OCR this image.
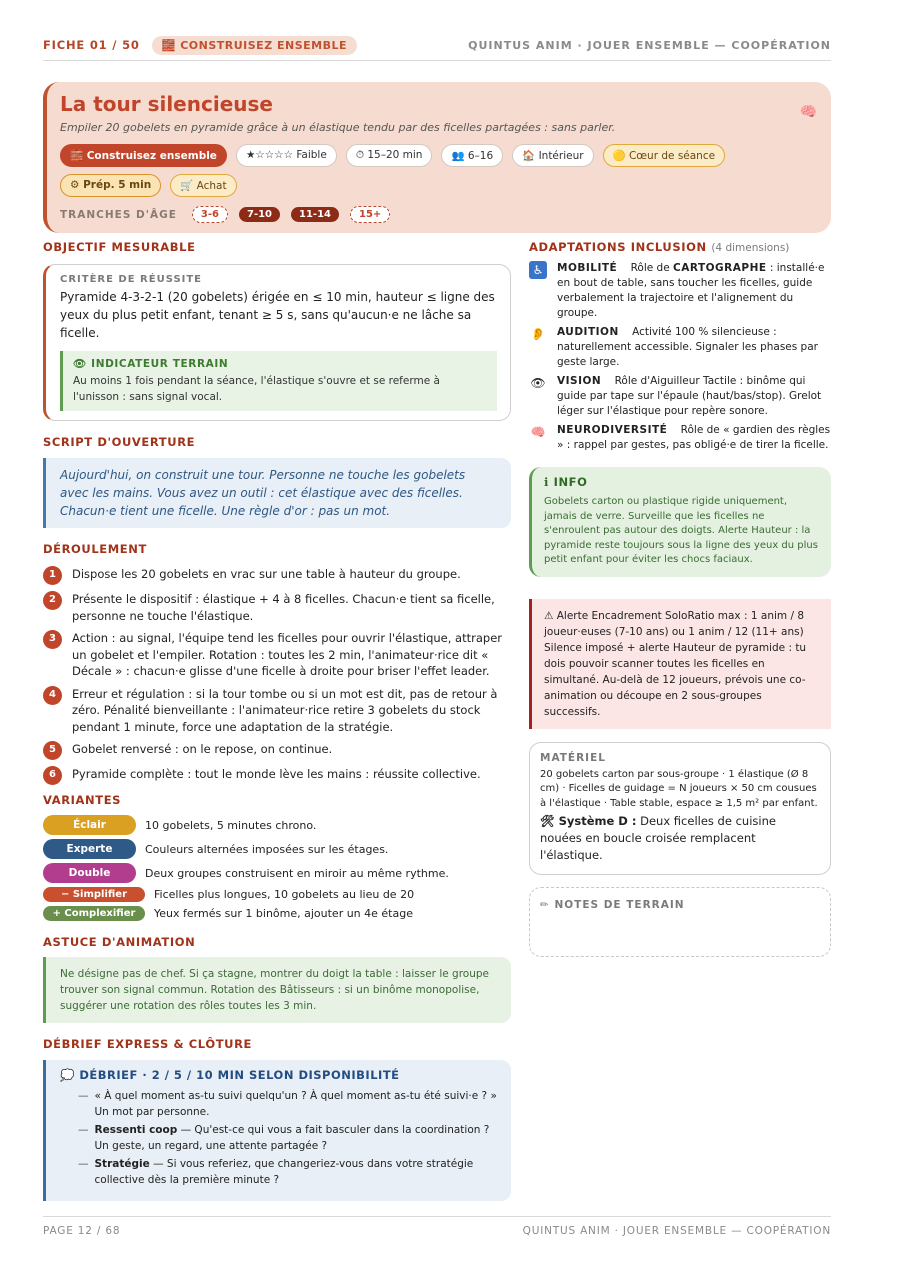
FICHE 01 / 50	🧱 CONSTRUISEZ ENSEMBLE	QUINTUS ANIM · JOUER ENSEMBLE — COOPÉRATION
La tour silencieuse
Empiler 20 gobelets en pyramide grâce à un élastique tendu par des ficelles partagées : sans parler.
🧠
🧱 Construisez ensemble	★☆☆☆☆ Faible	⏱ 15–20 min	👥 6–16	🏠 Intérieur	🟡 Cœur de séance
⚙ Prép. 5 min	🛒 Achat
TRANCHES D'ÂGE	3-6	7-10	11-14	15+
OBJECTIF MESURABLE
CRITÈRE DE RÉUSSITE
Pyramide 4-3-2-1 (20 gobelets) érigée en ≤ 10 min, hauteur ≤ ligne des yeux du plus petit enfant, tenant ≥ 5 s, sans qu'aucun·e ne lâche sa ficelle.
👁 INDICATEUR TERRAIN
Au moins 1 fois pendant la séance, l'élastique s'ouvre et se referme à l'unisson : sans signal vocal.
SCRIPT D'OUVERTURE
Aujourd'hui, on construit une tour. Personne ne touche les gobelets avec les mains. Vous avez un outil : cet élastique avec des ficelles. Chacun·e tient une ficelle. Une règle d'or : pas un mot.
DÉROULEMENT
1	Dispose les 20 gobelets en vrac sur une table à hauteur du groupe.
2	Présente le dispositif : élastique + 4 à 8 ficelles. Chacun·e tient sa ficelle, personne ne touche l'élastique.
3	Action : au signal, l'équipe tend les ficelles pour ouvrir l'élastique, attraper un gobelet et l'empiler. Rotation : toutes les 2 min, l'animateur·rice dit « Décale » : chacun·e glisse d'une ficelle à droite pour briser l'effet leader.
4	Erreur et régulation : si la tour tombe ou si un mot est dit, pas de retour à zéro. Pénalité bienveillante : l'animateur·rice retire 3 gobelets du stock pendant 1 minute, force une adaptation de la stratégie.
5	Gobelet renversé : on le repose, on continue.
6	Pyramide complète : tout le monde lève les mains : réussite collective.
VARIANTES
Éclair	10 gobelets, 5 minutes chrono.
Experte	Couleurs alternées imposées sur les étages.
Double	Deux groupes construisent en miroir au même rythme.
− Simplifier	Ficelles plus longues, 10 gobelets au lieu de 20
+ Complexifier	Yeux fermés sur 1 binôme, ajouter un 4e étage
ASTUCE D'ANIMATION
Ne désigne pas de chef. Si ça stagne, montrer du doigt la table : laisser le groupe trouver son signal commun. Rotation des Bâtisseurs : si un binôme monopolise, suggérer une rotation des rôles toutes les 3 min.
DÉBRIEF EXPRESS & CLÔTURE
💭 DÉBRIEF · 2 / 5 / 10 MIN SELON DISPONIBILITÉ
— « À quel moment as-tu suivi quelqu'un ? À quel moment as-tu été suivi·e ? » Un mot par personne.
— Ressenti coop — Qu'est-ce qui vous a fait basculer dans la coordination ? Un geste, un regard, une attente partagée ?
— Stratégie — Si vous referiez, que changeriez-vous dans votre stratégie collective dès la première minute ?
ADAPTATIONS INCLUSION (4 dimensions)
♿	MOBILITÉ Rôle de CARTOGRAPHE : installé·e en bout de table, sans toucher les ficelles, guide verbalement la trajectoire et l'alignement du groupe.
👂 AUDITION Activité 100 % silencieuse : naturellement accessible. Signaler les phases par geste large.
👁 VISION Rôle d'Aiguilleur Tactile : binôme qui guide par tape sur l'épaule (haut/bas/stop). Grelot léger sur l'élastique pour repère sonore.
🧠 NEURODIVERSITÉ Rôle de « gardien des règles » : rappel par gestes, pas obligé·e de tirer la ficelle.
ℹ INFO
Gobelets carton ou plastique rigide uniquement, jamais de verre. Surveille que les ficelles ne s'enroulent pas autour des doigts. Alerte Hauteur : la pyramide reste toujours sous la ligne des yeux du plus petit enfant pour éviter les chocs faciaux.
⚠ Alerte Encadrement SoloRatio max : 1 anim / 8 joueur·euses (7-10 ans) ou 1 anim / 12 (11+ ans) Silence imposé + alerte Hauteur de pyramide : tu dois pouvoir scanner toutes les ficelles en simultané. Au-delà de 12 joueurs, prévois une co-animation ou découpe en 2 sous-groupes successifs.
MATÉRIEL
20 gobelets carton par sous-groupe · 1 élastique (Ø 8 cm) · Ficelles de guidage = N joueurs × 50 cm cousues à l'élastique · Table stable, espace ≥ 1,5 m² par enfant.
🛠 Système D : Deux ficelles de cuisine nouées en boucle croisée remplacent l'élastique.
✏ NOTES DE TERRAIN
PAGE 12 / 68	QUINTUS ANIM · JOUER ENSEMBLE — COOPÉRATION
